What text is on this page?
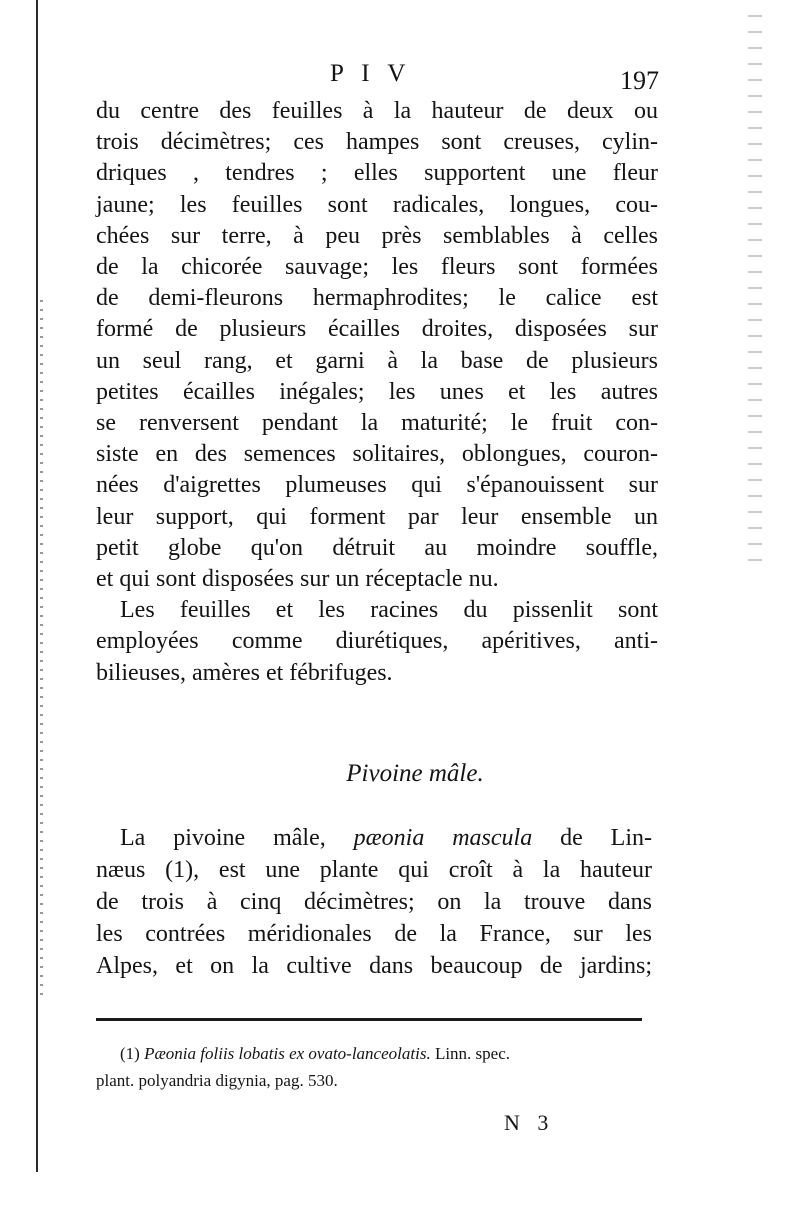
P I V	197
du centre des feuilles à la hauteur de deux ou
trois décimètres; ces hampes sont creuses, cylin-
driques , tendres ; elles supportent une fleur
jaune; les feuilles sont radicales, longues, cou-
chées sur terre, à peu près semblables à celles
de la chicorée sauvage; les fleurs sont formées
de demi-fleurons hermaphrodites; le calice est
formé de plusieurs écailles droites, disposées sur
un seul rang, et garni à la base de plusieurs
petites écailles inégales; les unes et les autres
se renversent pendant la maturité; le fruit con-
siste en des semences solitaires, oblongues, couron-
nées d'aigrettes plumeuses qui s'épanouissent sur
leur support, qui forment par leur ensemble un
petit globe qu'on détruit au moindre souffle,
et qui sont disposées sur un réceptacle nu.
Les feuilles et les racines du pissenlit sont
employées comme diurétiques, apéritives, anti-
bilieuses, amères et fébrifuges.
Pivoine mâle.
La pivoine mâle, pæonia mascula de Lin-
næus (1), est une plante qui croît à la hauteur
de trois à cinq décimètres; on la trouve dans
les contrées méridionales de la France, sur les
Alpes, et on la cultive dans beaucoup de jardins;
(1) Pæonia foliis lobatis ex ovato-lanceolatis. Linn. spec.
plant. polyandria digynia, pag. 530.
N 3
